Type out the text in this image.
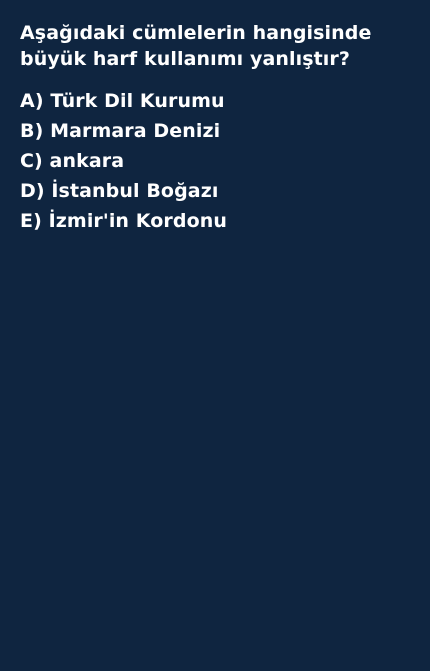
Aşağıdaki cümlelerin hangisinde büyük harf kullanımı yanlıştır?
A ) Türk Dil Kurumu
B ) Marmara Denizi
C ) ankara
D ) İstanbul Boğazı
E ) İzmir'in Kordonu
